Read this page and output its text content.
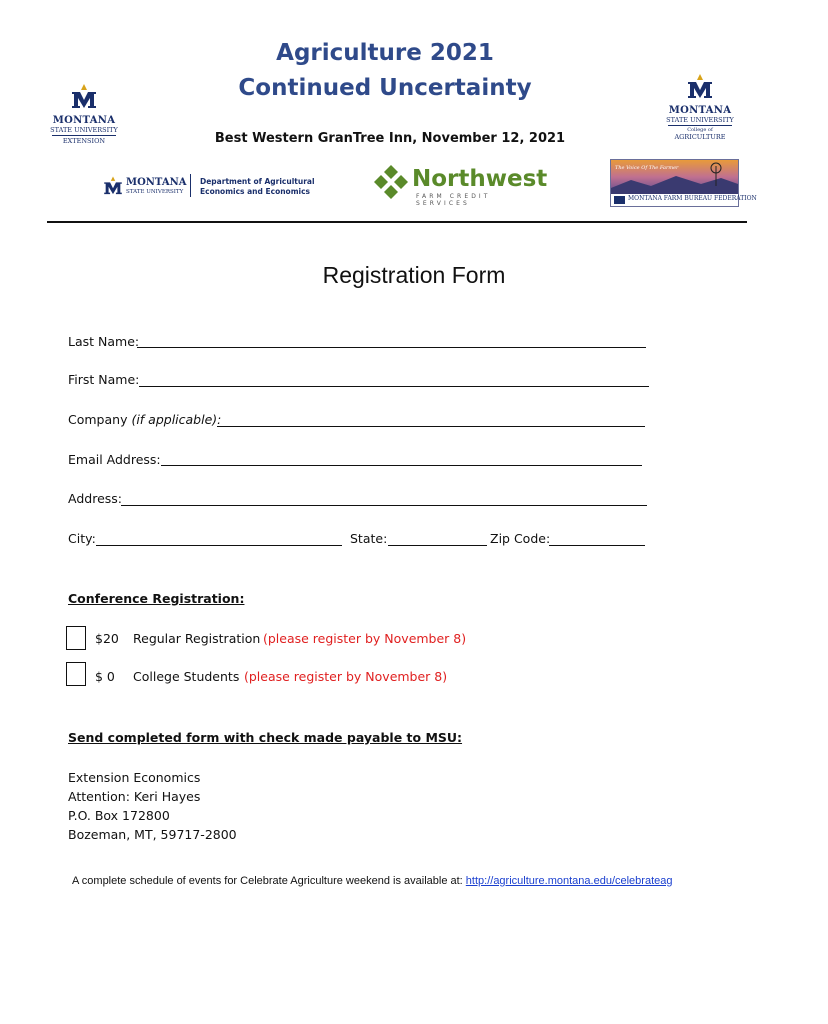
Agriculture 2021
Continued Uncertainty
Best Western GranTree Inn, November 12, 2021
MONTANA
STATE UNIVERSITY
EXTENSION
MONTANA
STATE UNIVERSITY
College of
AGRICULTURE
MONTANA
STATE UNIVERSITY
Department of Agricultural
Economics and Economics	Northwest
FARM CREDIT SERVICES
The Voice Of The Farmer
MONTANA FARM BUREAU FEDERATION
Registration Form
Last Name:
First Name:
Company (if applicable):
Email Address:
Address:
City:	State:	Zip Code:
Conference Registration:
$20 Regular Registration (please register by November 8)
$ 0 College Students (please register by November 8)
Send completed form with check made payable to MSU:
Extension Economics
Attention: Keri Hayes
P.O. Box 172800
Bozeman, MT, 59717-2800
A complete schedule of events for Celebrate Agriculture weekend is available at: http://agriculture.montana.edu/celebrateag
